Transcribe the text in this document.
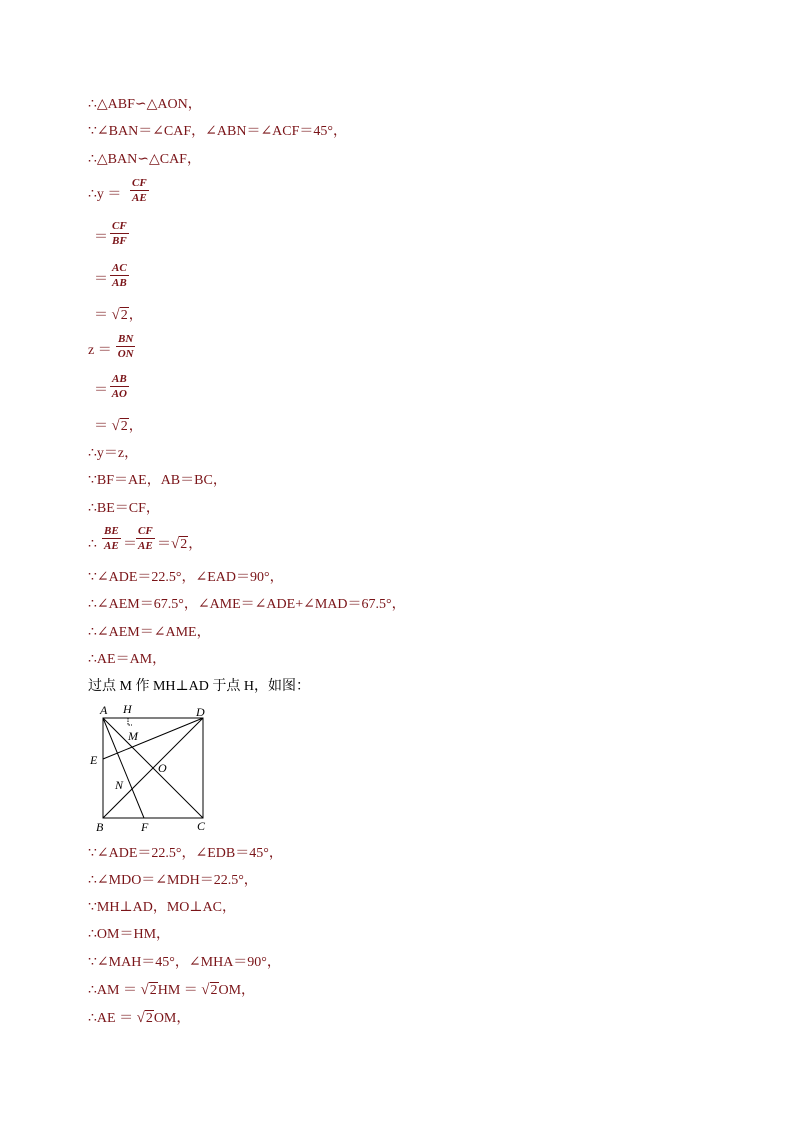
∴△ABF∽△AON，
∵∠BAN＝∠CAF，∠ABN＝∠ACF＝45°，
∴△BAN∽△CAF，
∴y ＝ $\frac{CF}{AE}$
＝ $\frac{CF}{BF}$
＝ $\frac{AC}{AB}$
＝ √2，
$z = \frac{BN}{ON}$
＝ $\frac{AB}{AO}$
＝ √2，
∴y＝z，
∵BF＝AE，AB＝BC，
∴BE＝CF，
∴ $\frac{BE}{AE} = \frac{CF}{AE} =√2$，
∵∠ADE＝22.5°，∠EAD＝90°，
∴∠AEM＝67.5°，∠AME＝∠ADE+∠MAD＝67.5°，
∴∠AEM＝∠AME，
∴AE＝AM，
过点 M 作 MH⊥AD 于点 H，如图：
A H	D
M
E
O
N
B	F	C
∵∠ADE＝22.5°，∠EDB＝45°，
∴∠MDO＝∠MDH＝22.5°，
∵MH⊥AD，MO⊥AC，
∴OM＝HM，
∵∠MAH＝45°，∠MHA＝90°，
∴AM ＝ √2HM ＝ √2OM，
∴AE ＝ √2OM，
